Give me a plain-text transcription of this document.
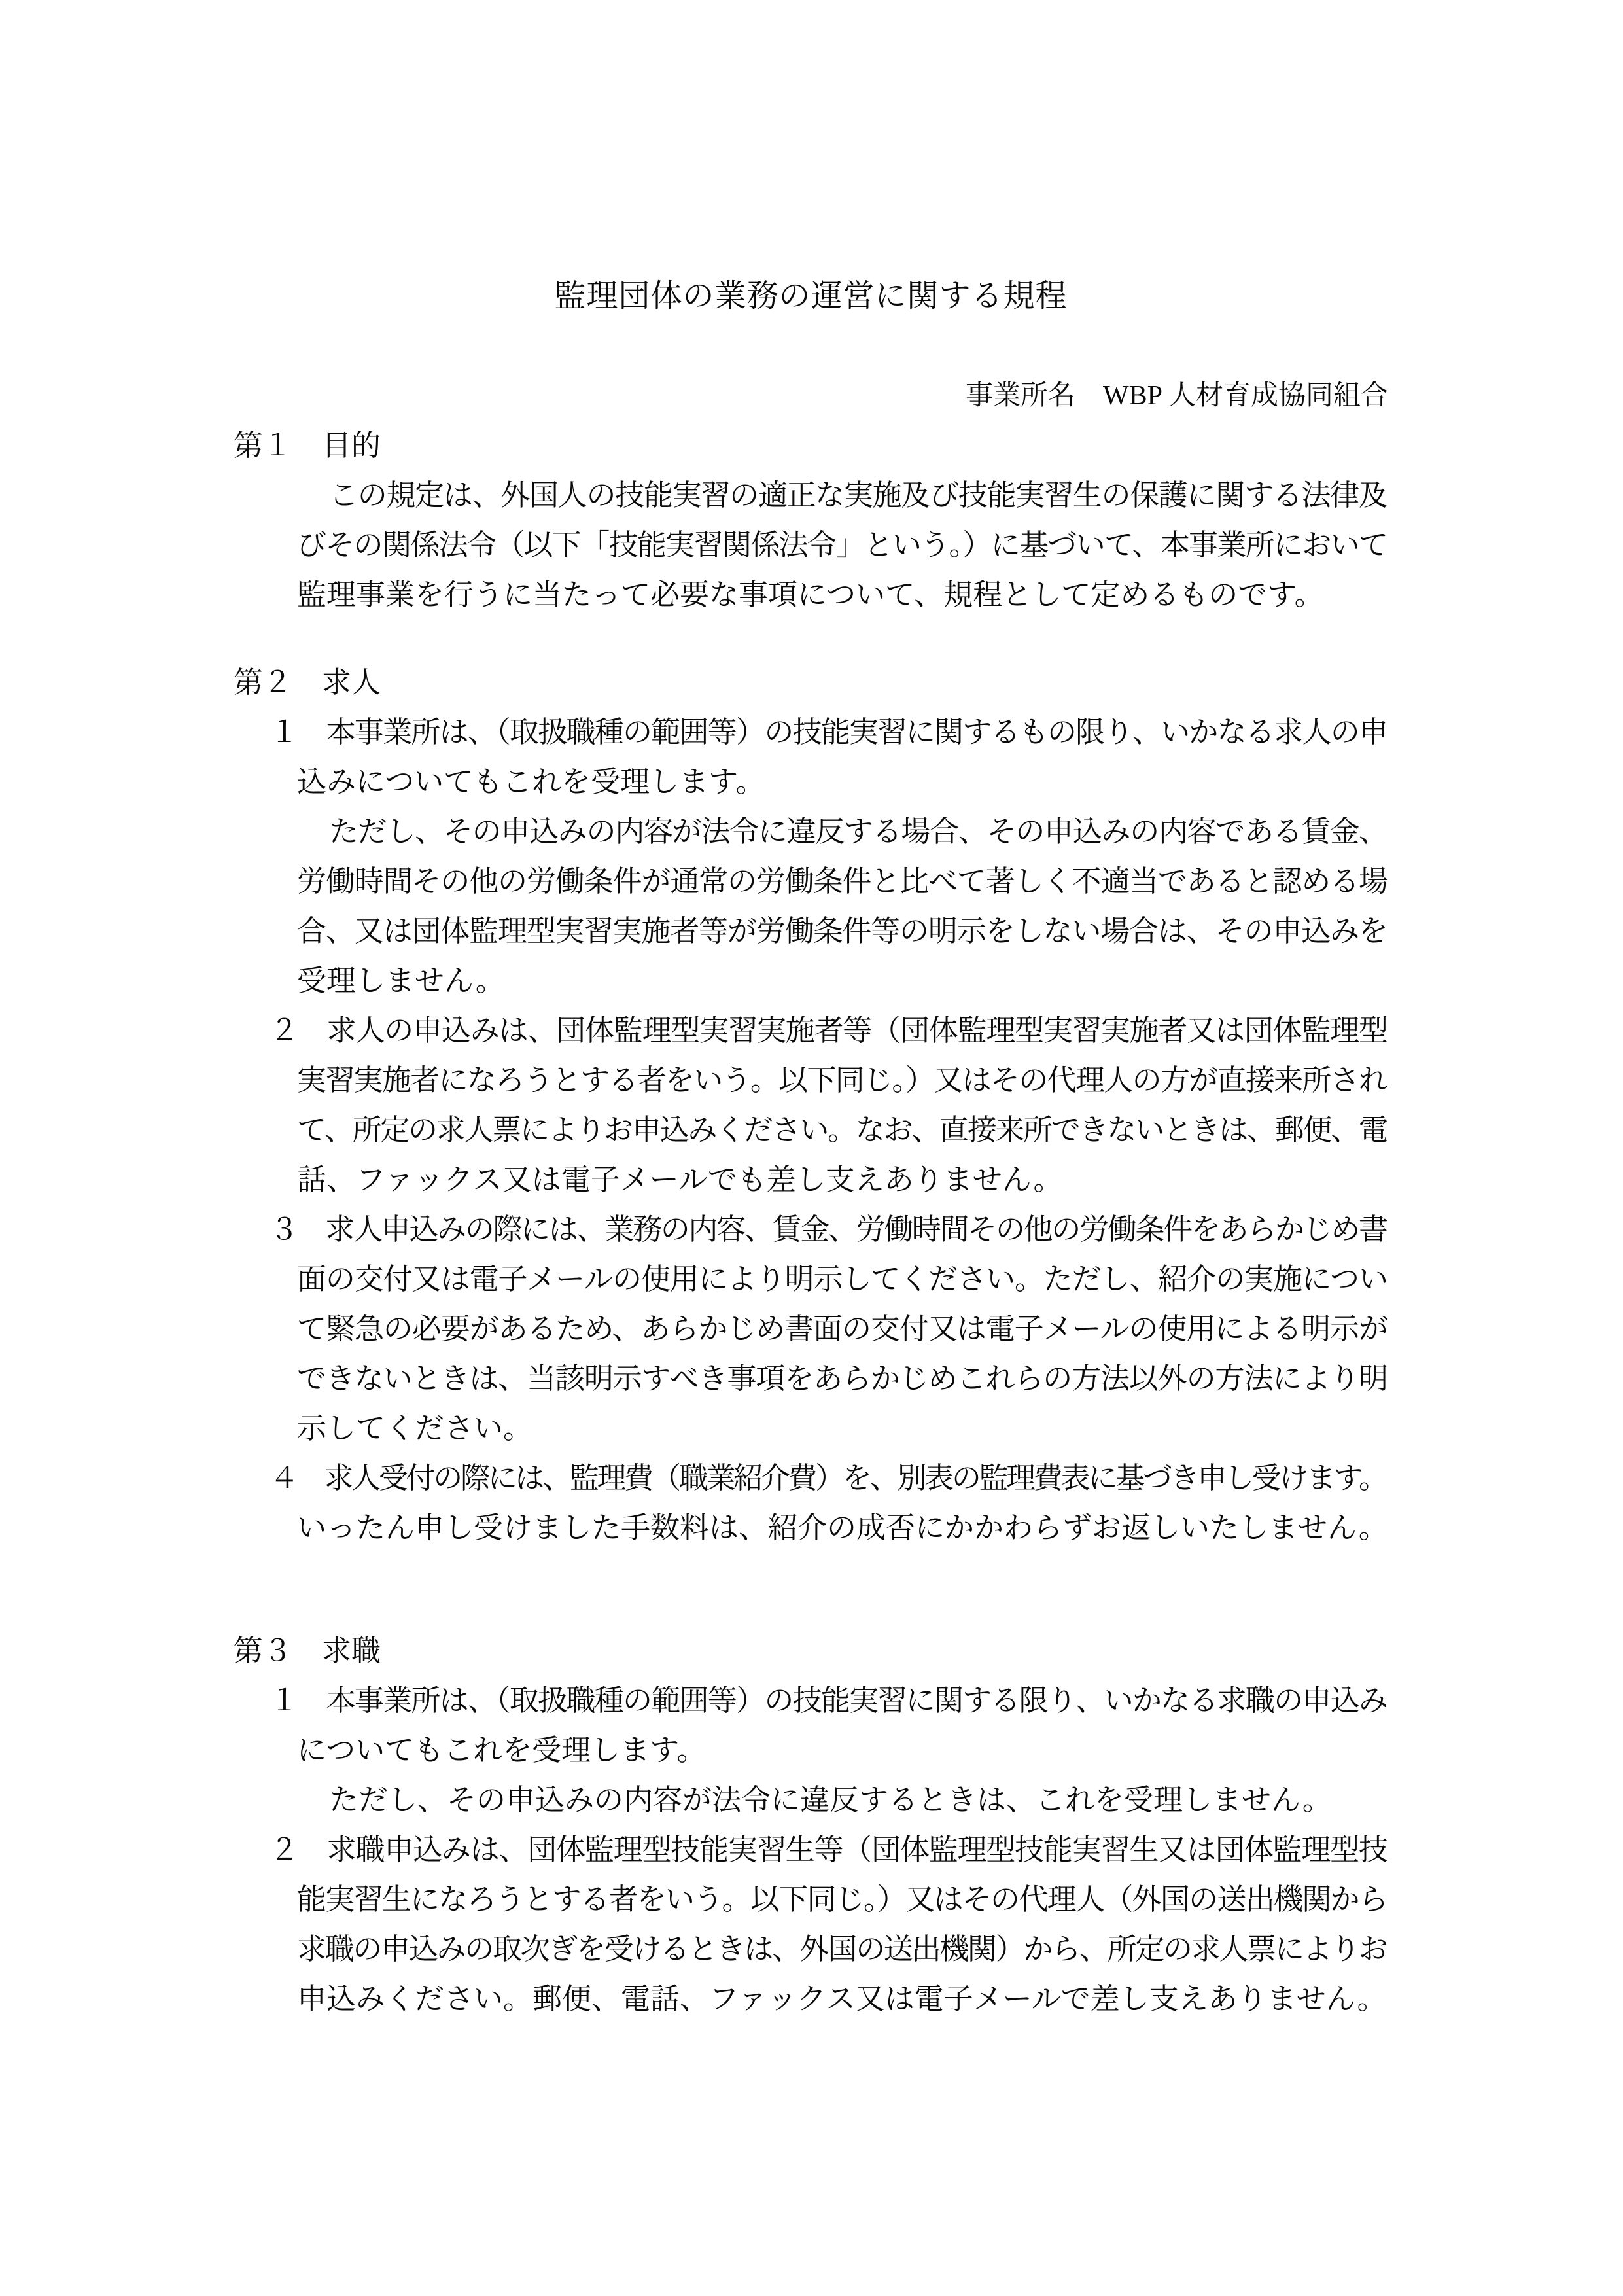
監理団体の業務の運営に関する規程
事業所名　WBP 人材育成協同組合
第１　目的
この規定は、外国人の技能実習の適正な実施及び技能実習生の保護に関する法律及
びその関係法令（以下「技能実習関係法令」という。）に基づいて、本事業所において
監理事業を行うに当たって必要な事項について、規程として定めるものです。
第２　求人
１　本事業所は、（取扱職種の範囲等）の技能実習に関するもの限り、いかなる求人の申
込みについてもこれを受理します。
ただし、その申込みの内容が法令に違反する場合、その申込みの内容である賃金、
労働時間その他の労働条件が通常の労働条件と比べて著しく不適当であると認める場
合、又は団体監理型実習実施者等が労働条件等の明示をしない場合は、その申込みを
受理しません。
２　求人の申込みは、団体監理型実習実施者等（団体監理型実習実施者又は団体監理型
実習実施者になろうとする者をいう。以下同じ。）又はその代理人の方が直接来所され
て、所定の求人票によりお申込みください。なお、直接来所できないときは、郵便、電
話、ファックス又は電子メールでも差し支えありません。
３　求人申込みの際には、業務の内容、賃金、労働時間その他の労働条件をあらかじめ書
面の交付又は電子メールの使用により明示してください。ただし、紹介の実施につい
て緊急の必要があるため、あらかじめ書面の交付又は電子メールの使用による明示が
できないときは、当該明示すべき事項をあらかじめこれらの方法以外の方法により明
示してください。
４　求人受付の際には、監理費（職業紹介費）を、別表の監理費表に基づき申し受けます。
いったん申し受けました手数料は、紹介の成否にかかわらずお返しいたしません。
第３　求職
１　本事業所は、（取扱職種の範囲等）の技能実習に関する限り、いかなる求職の申込み
についてもこれを受理します。
ただし、その申込みの内容が法令に違反するときは、これを受理しません。
２　求職申込みは、団体監理型技能実習生等（団体監理型技能実習生又は団体監理型技
能実習生になろうとする者をいう。以下同じ。）又はその代理人（外国の送出機関から
求職の申込みの取次ぎを受けるときは、外国の送出機関）から、所定の求人票によりお
申込みください。郵便、電話、ファックス又は電子メールで差し支えありません。
